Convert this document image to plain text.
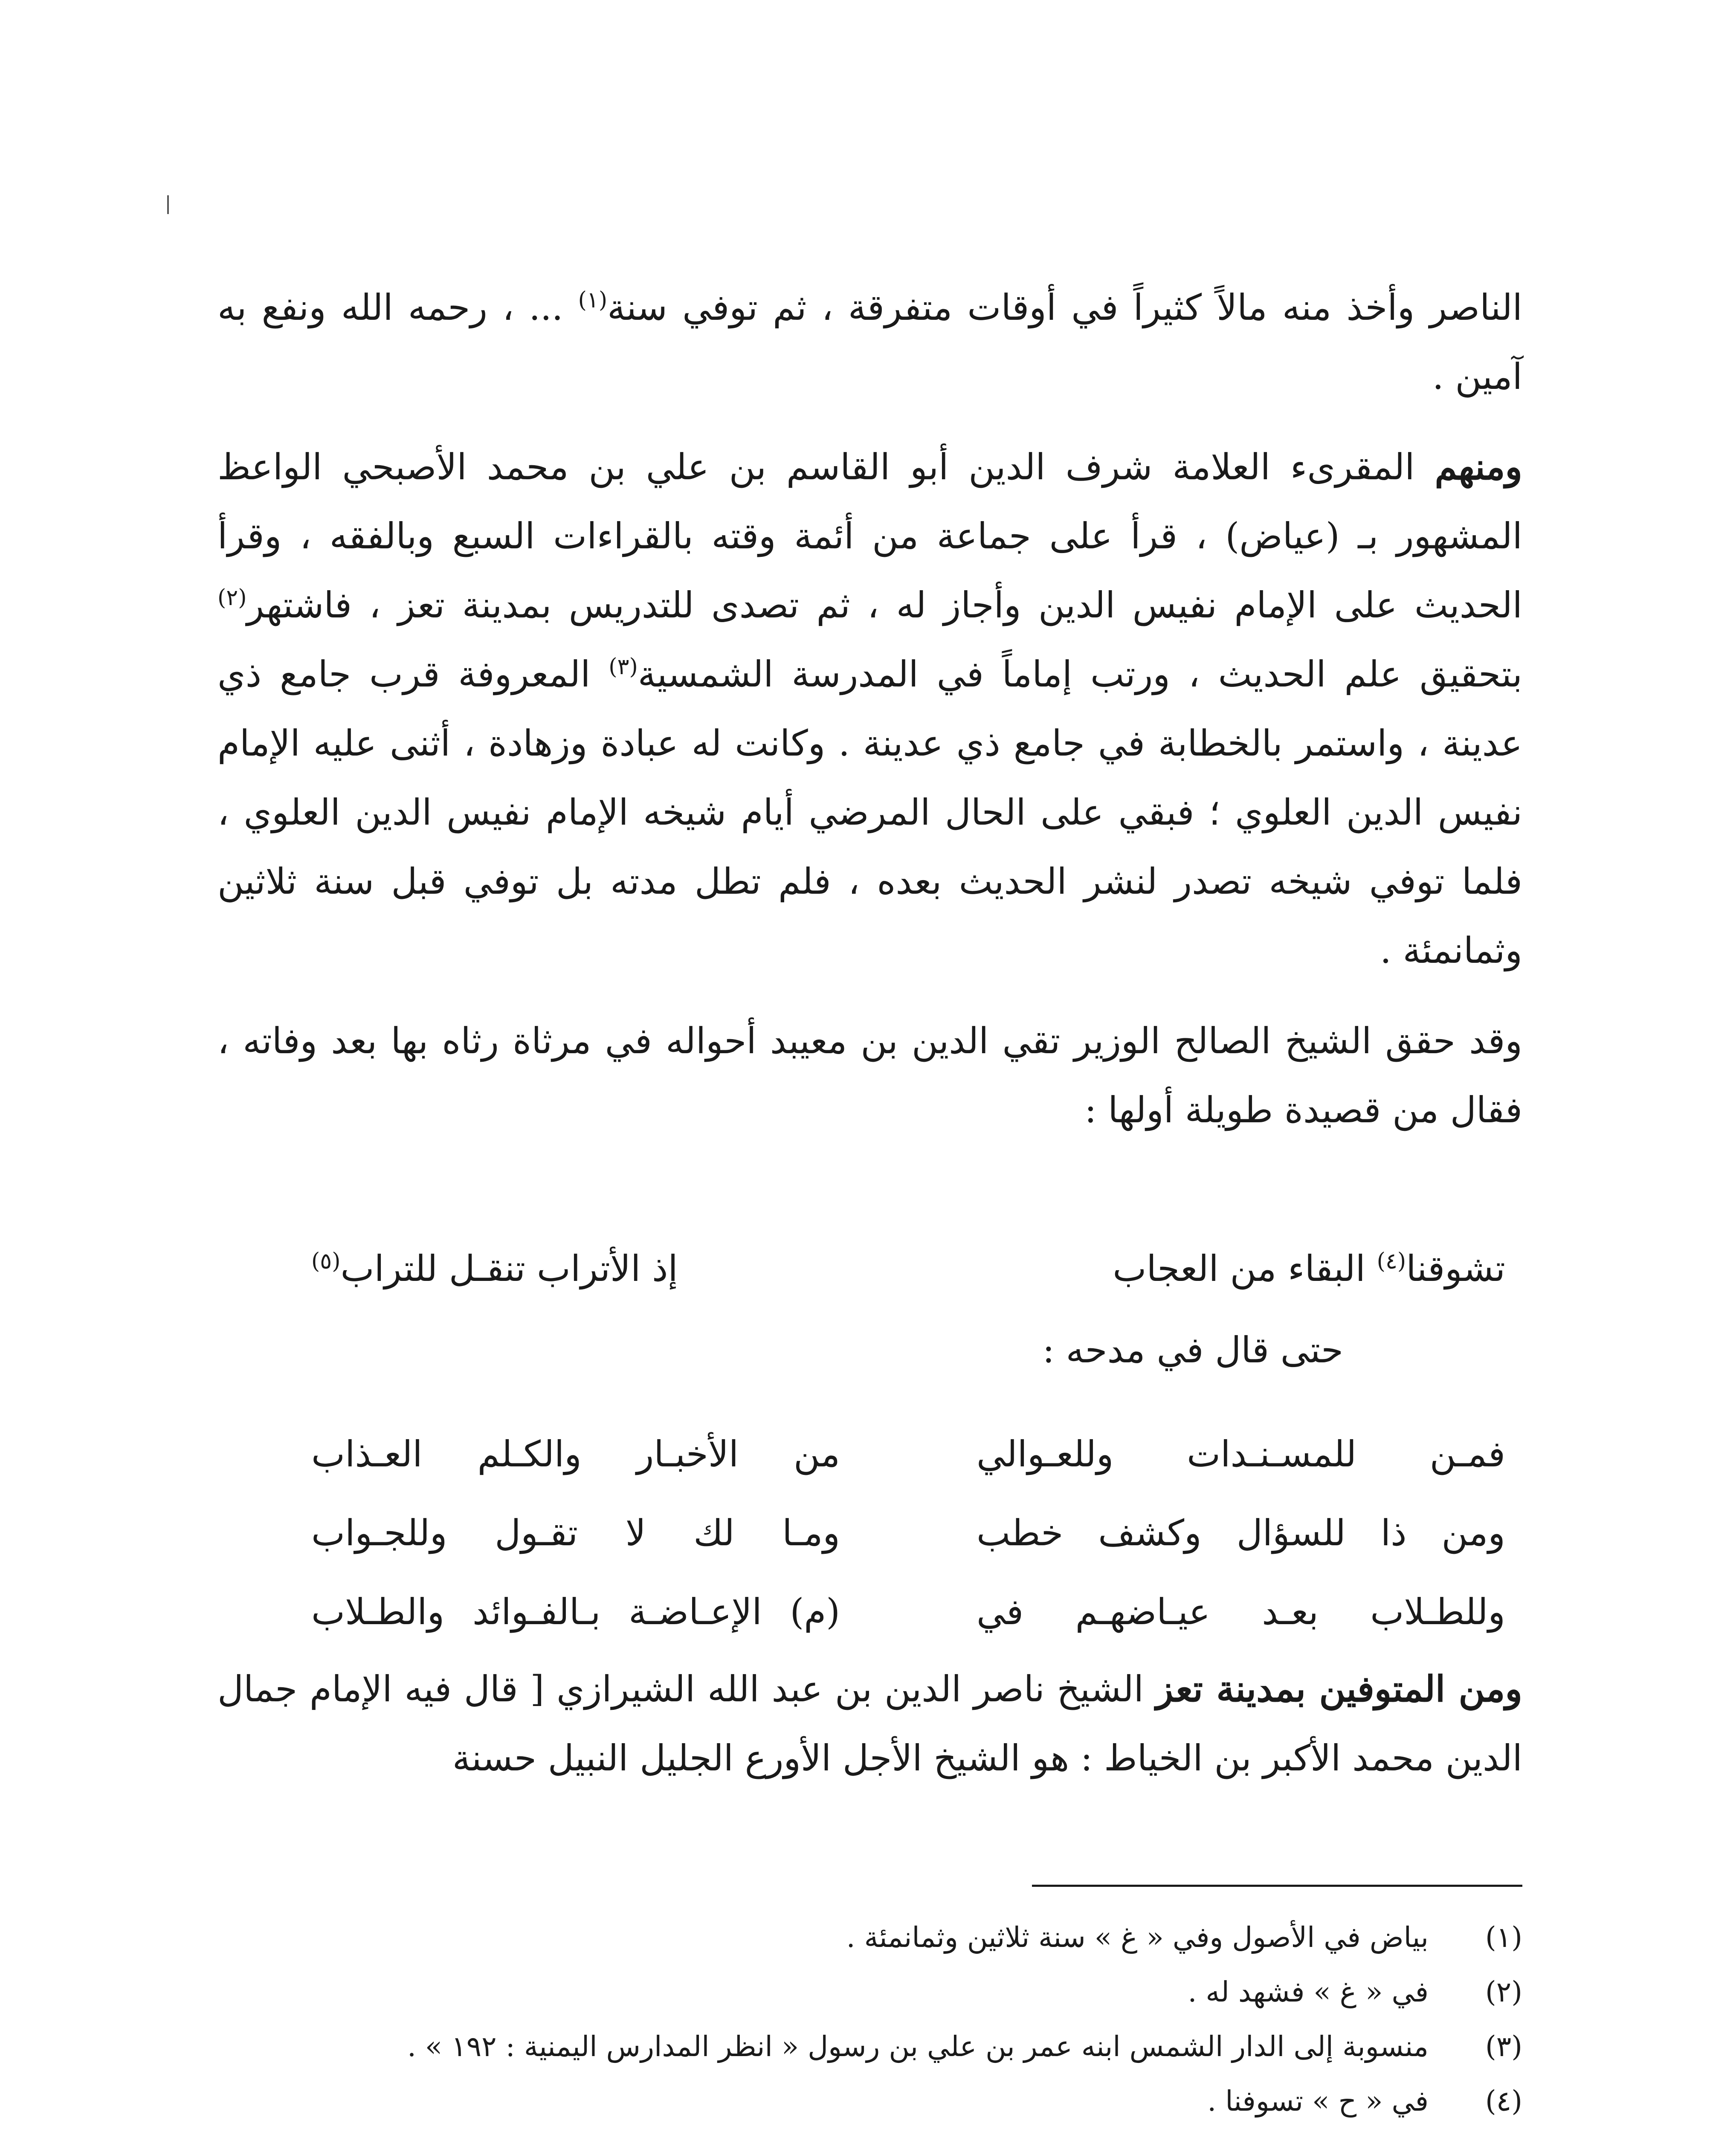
الناصر وأخذ منه مالاً كثيراً في أوقات متفرقة ، ثم توفي سنة$^{(١)}$ ... ، رحمه الله ونفع به آمين .

ومنهم المقرىء العلامة شرف الدين أبو القاسم بن علي بن محمد الأصبحي الواعظ المشهور بـ (عياض) ، قرأ على جماعة من أئمة وقته بالقراءات السبع وبالفقه ، وقرأ الحديث على الإمام نفيس الدين وأجاز له ، ثم تصدى للتدريس بمدينة تعز ، فاشتهر$^{(٢)}$ بتحقيق علم الحديث ، ورتب إماماً في المدرسة الشمسية$^{(٣)}$ المعروفة قرب جامع ذي عدينة ، واستمر بالخطابة في جامع ذي عدينة . وكانت له عبادة وزهادة ، أثنى عليه الإمام نفيس الدين العلوي ؛ فبقي على الحال المرضي أيام شيخه الإمام نفيس الدين العلوي ، فلما توفي شيخه تصدر لنشر الحديث بعده ، فلم تطل مدته بل توفي قبل سنة ثلاثين وثمانمئة .

وقد حقق الشيخ الصالح الوزير تقي الدين بن معيبد أحواله في مرثاة رثاه بها بعد وفاته ، فقال من قصيدة طويلة أولها :

تشوقنا$^{(٤)}$ البقاء من العجاب
إذ الأتراب تنقـل للتراب$^{(٥)}$

حتى قال في مدحه :

فمـن للمسـنـدات وللعـوالي
من الأخبـار والكـلم العـذاب
ومن ذا للسؤال وكشف خطب
ومـا لك لا تقـول وللجـواب
وللطـلاب بعـد عيـاضهـم في
(م) الإعـاضـة بـالفـوائد والطـلاب

ومن المتوفين بمدينة تعز الشيخ ناصر الدين بن عبد الله الشيرازي [ قال فيه الإمام جمال الدين محمد الأكبر بن الخياط : هو الشيخ الأجل الأورع الجليل النبيل حسنة

(١)
بياض في الأصول وفي « غ » سنة ثلاثين وثمانمئة .
(٢)
في « غ » فشهد له .
(٣)
منسوبة إلى الدار الشمس ابنه عمر بن علي بن رسول « انظر المدارس اليمنية : ١٩٢ » .
(٤)
في « ح » تسوفنا .
